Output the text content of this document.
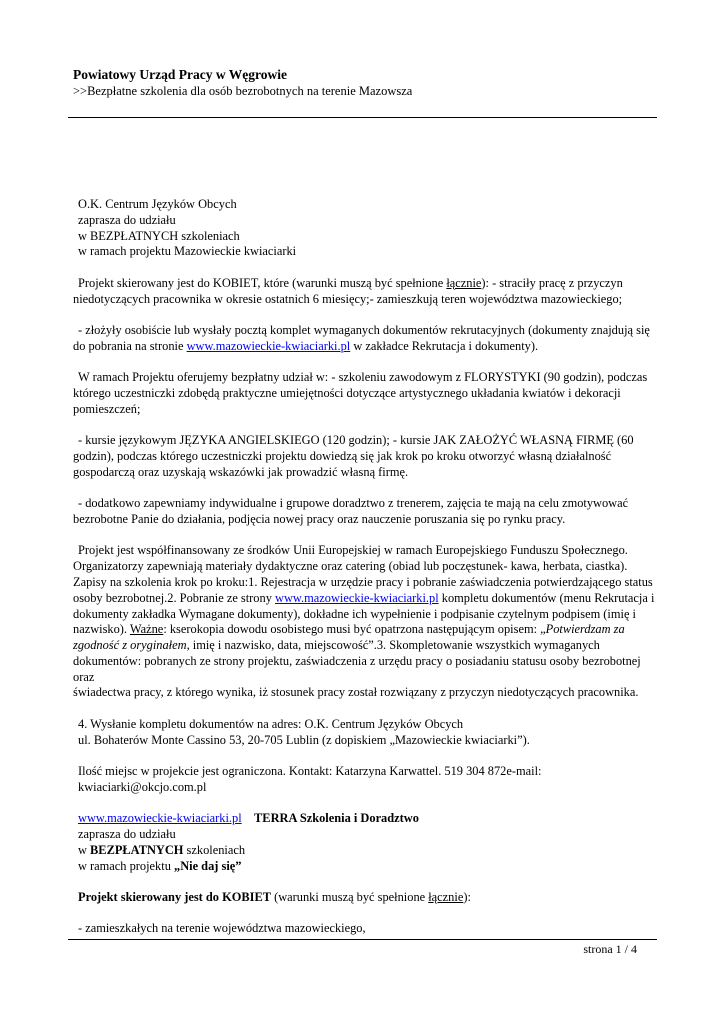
Powiatowy Urząd Pracy w Węgrowie
>>Bezpłatne szkolenia dla osób bezrobotnych na terenie Mazowsza

O.K. Centrum Języków Obcych

zaprasza do udziału

w BEZPŁATNYCH szkoleniach

w ramach projektu Mazowieckie kwiaciarki

Projekt skierowany jest do KOBIET, które (warunki muszą być spełnione łącznie): - straciły pracę z przyczyn

niedotyczących pracownika w okresie ostatnich 6 miesięcy;- zamieszkują teren województwa mazowieckiego;

- złożyły osobiście lub wysłały pocztą komplet wymaganych dokumentów rekrutacyjnych (dokumenty znajdują się

do pobrania na stronie www.mazowieckie-kwiaciarki.pl w zakładce Rekrutacja i dokumenty).

W ramach Projektu oferujemy bezpłatny udział w: - szkoleniu zawodowym z FLORYSTYKI (90 godzin), podczas

którego uczestniczki zdobędą praktyczne umiejętności dotyczące artystycznego układania kwiatów i dekoracji

pomieszczeń;

- kursie językowym JĘZYKA ANGIELSKIEGO (120 godzin); - kursie JAK ZAŁOŻYĆ WŁASNĄ FIRMĘ (60

godzin), podczas którego uczestniczki projektu dowiedzą się jak krok po kroku otworzyć własną działalność

gospodarczą oraz uzyskają wskazówki jak prowadzić własną firmę.

- dodatkowo zapewniamy indywidualne i grupowe doradztwo z trenerem, zajęcia te mają na celu zmotywować

bezrobotne Panie do działania, podjęcia nowej pracy oraz nauczenie poruszania się po rynku pracy.

Projekt jest współfinansowany ze środków Unii Europejskiej w ramach Europejskiego Funduszu Społecznego.

Organizatorzy zapewniają materiały dydaktyczne oraz catering (obiad lub poczęstunek- kawa, herbata, ciastka).

Zapisy na szkolenia krok po kroku:1. Rejestracja w urzędzie pracy i pobranie zaświadczenia potwierdzającego status

osoby bezrobotnej.2. Pobranie ze strony www.mazowieckie-kwiaciarki.pl kompletu dokumentów (menu Rekrutacja i

dokumenty zakładka Wymagane dokumenty), dokładne ich wypełnienie i podpisanie czytelnym podpisem (imię i

nazwisko). Ważne: kserokopia dowodu osobistego musi być opatrzona następującym opisem: „Potwierdzam za

zgodność z oryginałem, imię i nazwisko, data, miejscowość”.3. Skompletowanie wszystkich wymaganych

dokumentów: pobranych ze strony projektu, zaświadczenia z urzędu pracy o posiadaniu statusu osoby bezrobotnej oraz

świadectwa pracy, z którego wynika, iż stosunek pracy został rozwiązany z przyczyn niedotyczących pracownika.

4. Wysłanie kompletu dokumentów na adres: O.K. Centrum Języków Obcych

ul. Bohaterów Monte Cassino 53, 20-705 Lublin (z dopiskiem „Mazowieckie kwiaciarki”).

Ilość miejsc w projekcie jest ograniczona. Kontakt: Katarzyna Karwattel. 519 304 872e-mail:

kwiaciarki@okcjo.com.pl

www.mazowieckie-kwiaciarki.pl TERRA Szkolenia i Doradztwo

zaprasza do udziału

w BEZPŁATNYCH szkoleniach

w ramach projektu „Nie daj się”

Projekt skierowany jest do KOBIET (warunki muszą być spełnione łącznie):

- zamieszkałych na terenie województwa mazowieckiego,

strona 1 / 4
